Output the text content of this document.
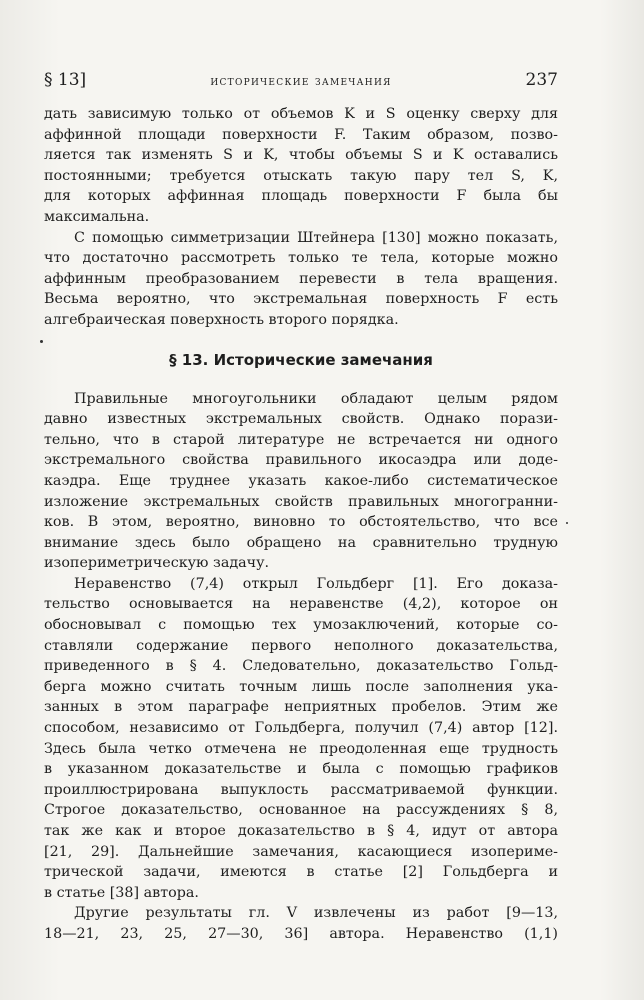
§ 13]	исторические замечания	237
дать зависимую только от объемов K и S оценку сверху для
аффинной площади поверхности F. Таким образом, позво-
ляется так изменять S и K, чтобы объемы S и K оставались
постоянными; требуется отыскать такую пару тел S, K,
для которых аффинная площадь поверхности F была бы
максимальна.
С помощью симметризации Штейнера [130] можно показать,
что достаточно рассмотреть только те тела, которые можно
аффинным преобразованием перевести в тела вращения.
Весьма вероятно, что экстремальная поверхность F есть
алгебраическая поверхность второго порядка.
§ 13. Исторические замечания
Правильные многоугольники обладают целым рядом
давно известных экстремальных свойств. Однако порази-
тельно, что в старой литературе не встречается ни одного
экстремального свойства правильного икосаэдра или доде-
каэдра. Еще труднее указать какое-либо систематическое
изложение экстремальных свойств правильных многогранни-
ков. В этом, вероятно, виновно то обстоятельство, что все
внимание здесь было обращено на сравнительно трудную
изопериметрическую задачу.
Неравенство (7,4) открыл Гольдберг [1]. Его доказа-
тельство основывается на неравенстве (4,2), которое он
обосновывал с помощью тех умозаключений, которые со-
ставляли содержание первого неполного доказательства,
приведенного в § 4. Следовательно, доказательство Гольд-
берга можно считать точным лишь после заполнения ука-
занных в этом параграфе неприятных пробелов. Этим же
способом, независимо от Гольдберга, получил (7,4) автор [12].
Здесь была четко отмечена не преодоленная еще трудность
в указанном доказательстве и была с помощью графиков
проиллюстрирована выпуклость рассматриваемой функции.
Строгое доказательство, основанное на рассуждениях § 8,
так же как и второе доказательство в § 4, идут от автора
[21, 29]. Дальнейшие замечания, касающиеся изопериме-
трической задачи, имеются в статье [2] Гольдберга и
в статье [38] автора.
Другие результаты гл. V извлечены из работ [9—13,
18—21, 23, 25, 27—30, 36] автора. Неравенство (1,1)
